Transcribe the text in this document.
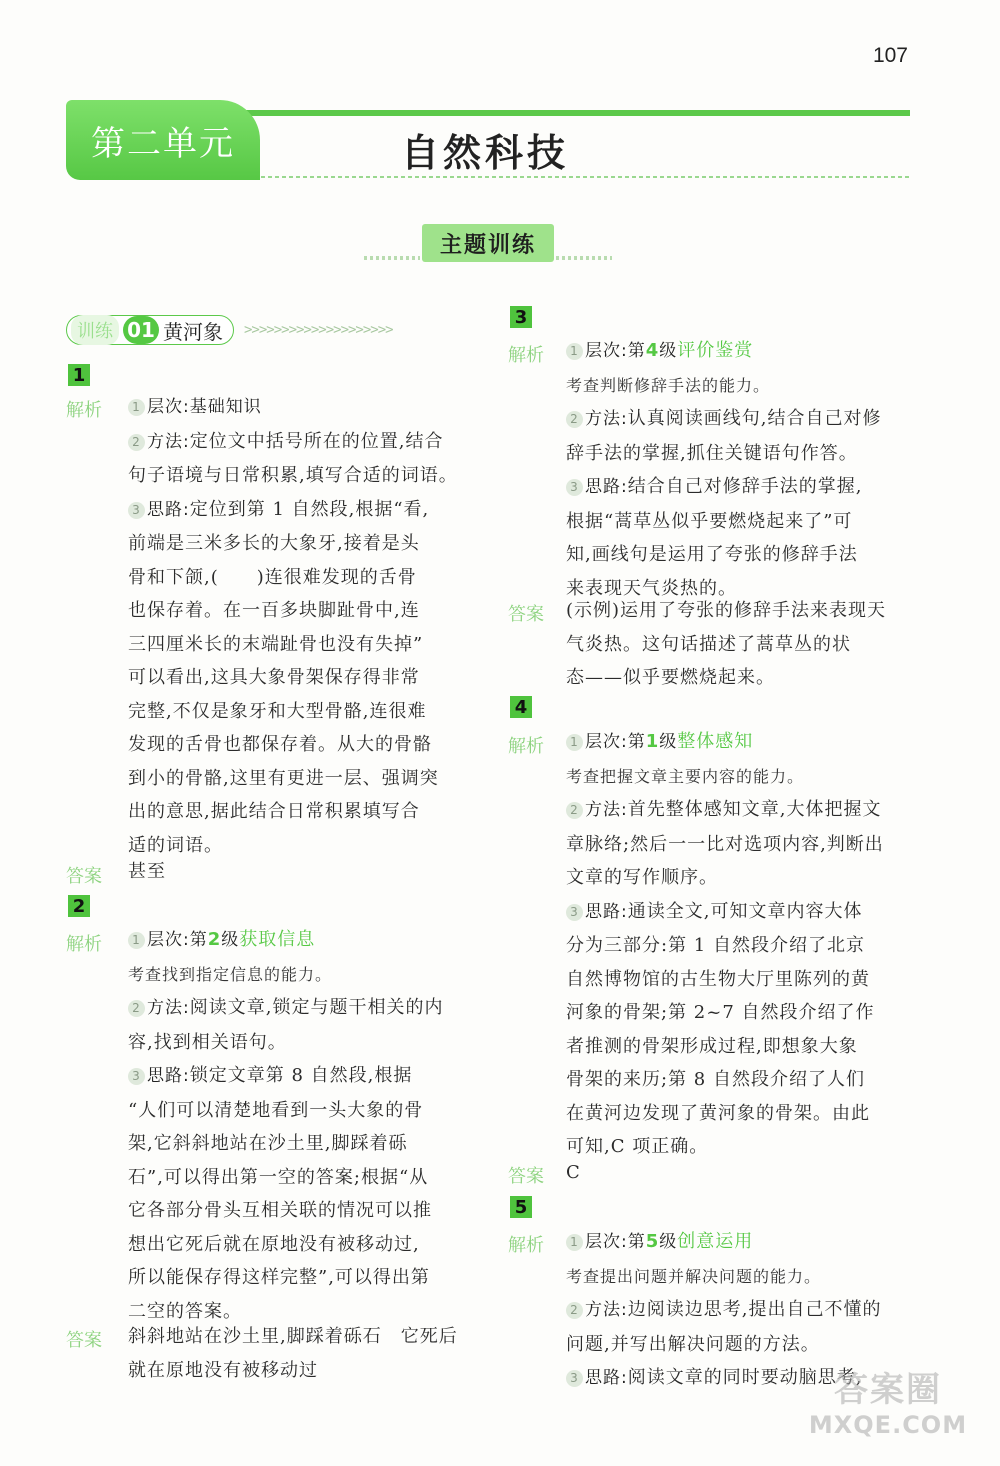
107
第二单元	自然科技
主题训练
训练 01 黄河象 >>>>>>>>>>>>>>>>>>>>
1
解析	1 层次:基础知识
2 方法:定位文中括号所在的位置,结合
句子语境与日常积累,填写合适的词语。
3 思路:定位到第 1 自然段,根据“看,
前端是三米多长的大象牙,接着是头
骨和下颌,(　　)连很难发现的舌骨
也保存着。在一百多块脚趾骨中,连
三四厘米长的末端趾骨也没有失掉”
可以看出,这具大象骨架保存得非常
完整,不仅是象牙和大型骨骼,连很难
发现的舌骨也都保存着。从大的骨骼
到小的骨骼,这里有更进一层、强调突
出的意思,据此结合日常积累填写合
适的词语。
答案 甚至
2
解析	1 层次:第2级获取信息
考查找到指定信息的能力。
2 方法:阅读文章,锁定与题干相关的内
容,找到相关语句。
3 思路:锁定文章第 8 自然段,根据
“人们可以清楚地看到一头大象的骨
架,它斜斜地站在沙土里,脚踩着砾
石”,可以得出第一空的答案;根据“从
它各部分骨头互相关联的情况可以推
想出它死后就在原地没有被移动过,
所以能保存得这样完整”,可以得出第
二空的答案。
答案 斜斜地站在沙土里,脚踩着砾石　它死后
就在原地没有被移动过
3
解析	1 层次:第4级评价鉴赏
考查判断修辞手法的能力。
2 方法:认真阅读画线句,结合自己对修
辞手法的掌握,抓住关键语句作答。
3 思路:结合自己对修辞手法的掌握,
根据“蒿草丛似乎要燃烧起来了”可
知,画线句是运用了夸张的修辞手法
来表现天气炎热的。
答案 (示例)运用了夸张的修辞手法来表现天
气炎热。这句话描述了蒿草丛的状
态——似乎要燃烧起来。
4
解析	1 层次:第1级整体感知
考查把握文章主要内容的能力。
2 方法:首先整体感知文章,大体把握文
章脉络;然后一一比对选项内容,判断出
文章的写作顺序。
3 思路:通读全文,可知文章内容大体
分为三部分:第 1 自然段介绍了北京
自然博物馆的古生物大厅里陈列的黄
河象的骨架;第 2~7 自然段介绍了作
者推测的骨架形成过程,即想象大象
骨架的来历;第 8 自然段介绍了人们
在黄河边发现了黄河象的骨架。由此
可知,C 项正确。
答案 C
5
解析	1 层次:第5级创意运用
考查提出问题并解决问题的能力。
2 方法:边阅读边思考,提出自己不懂的
问题,并写出解决问题的方法。
3 思路:阅读文章的同时要动脑思考,
答案圈
MXQE.COM
